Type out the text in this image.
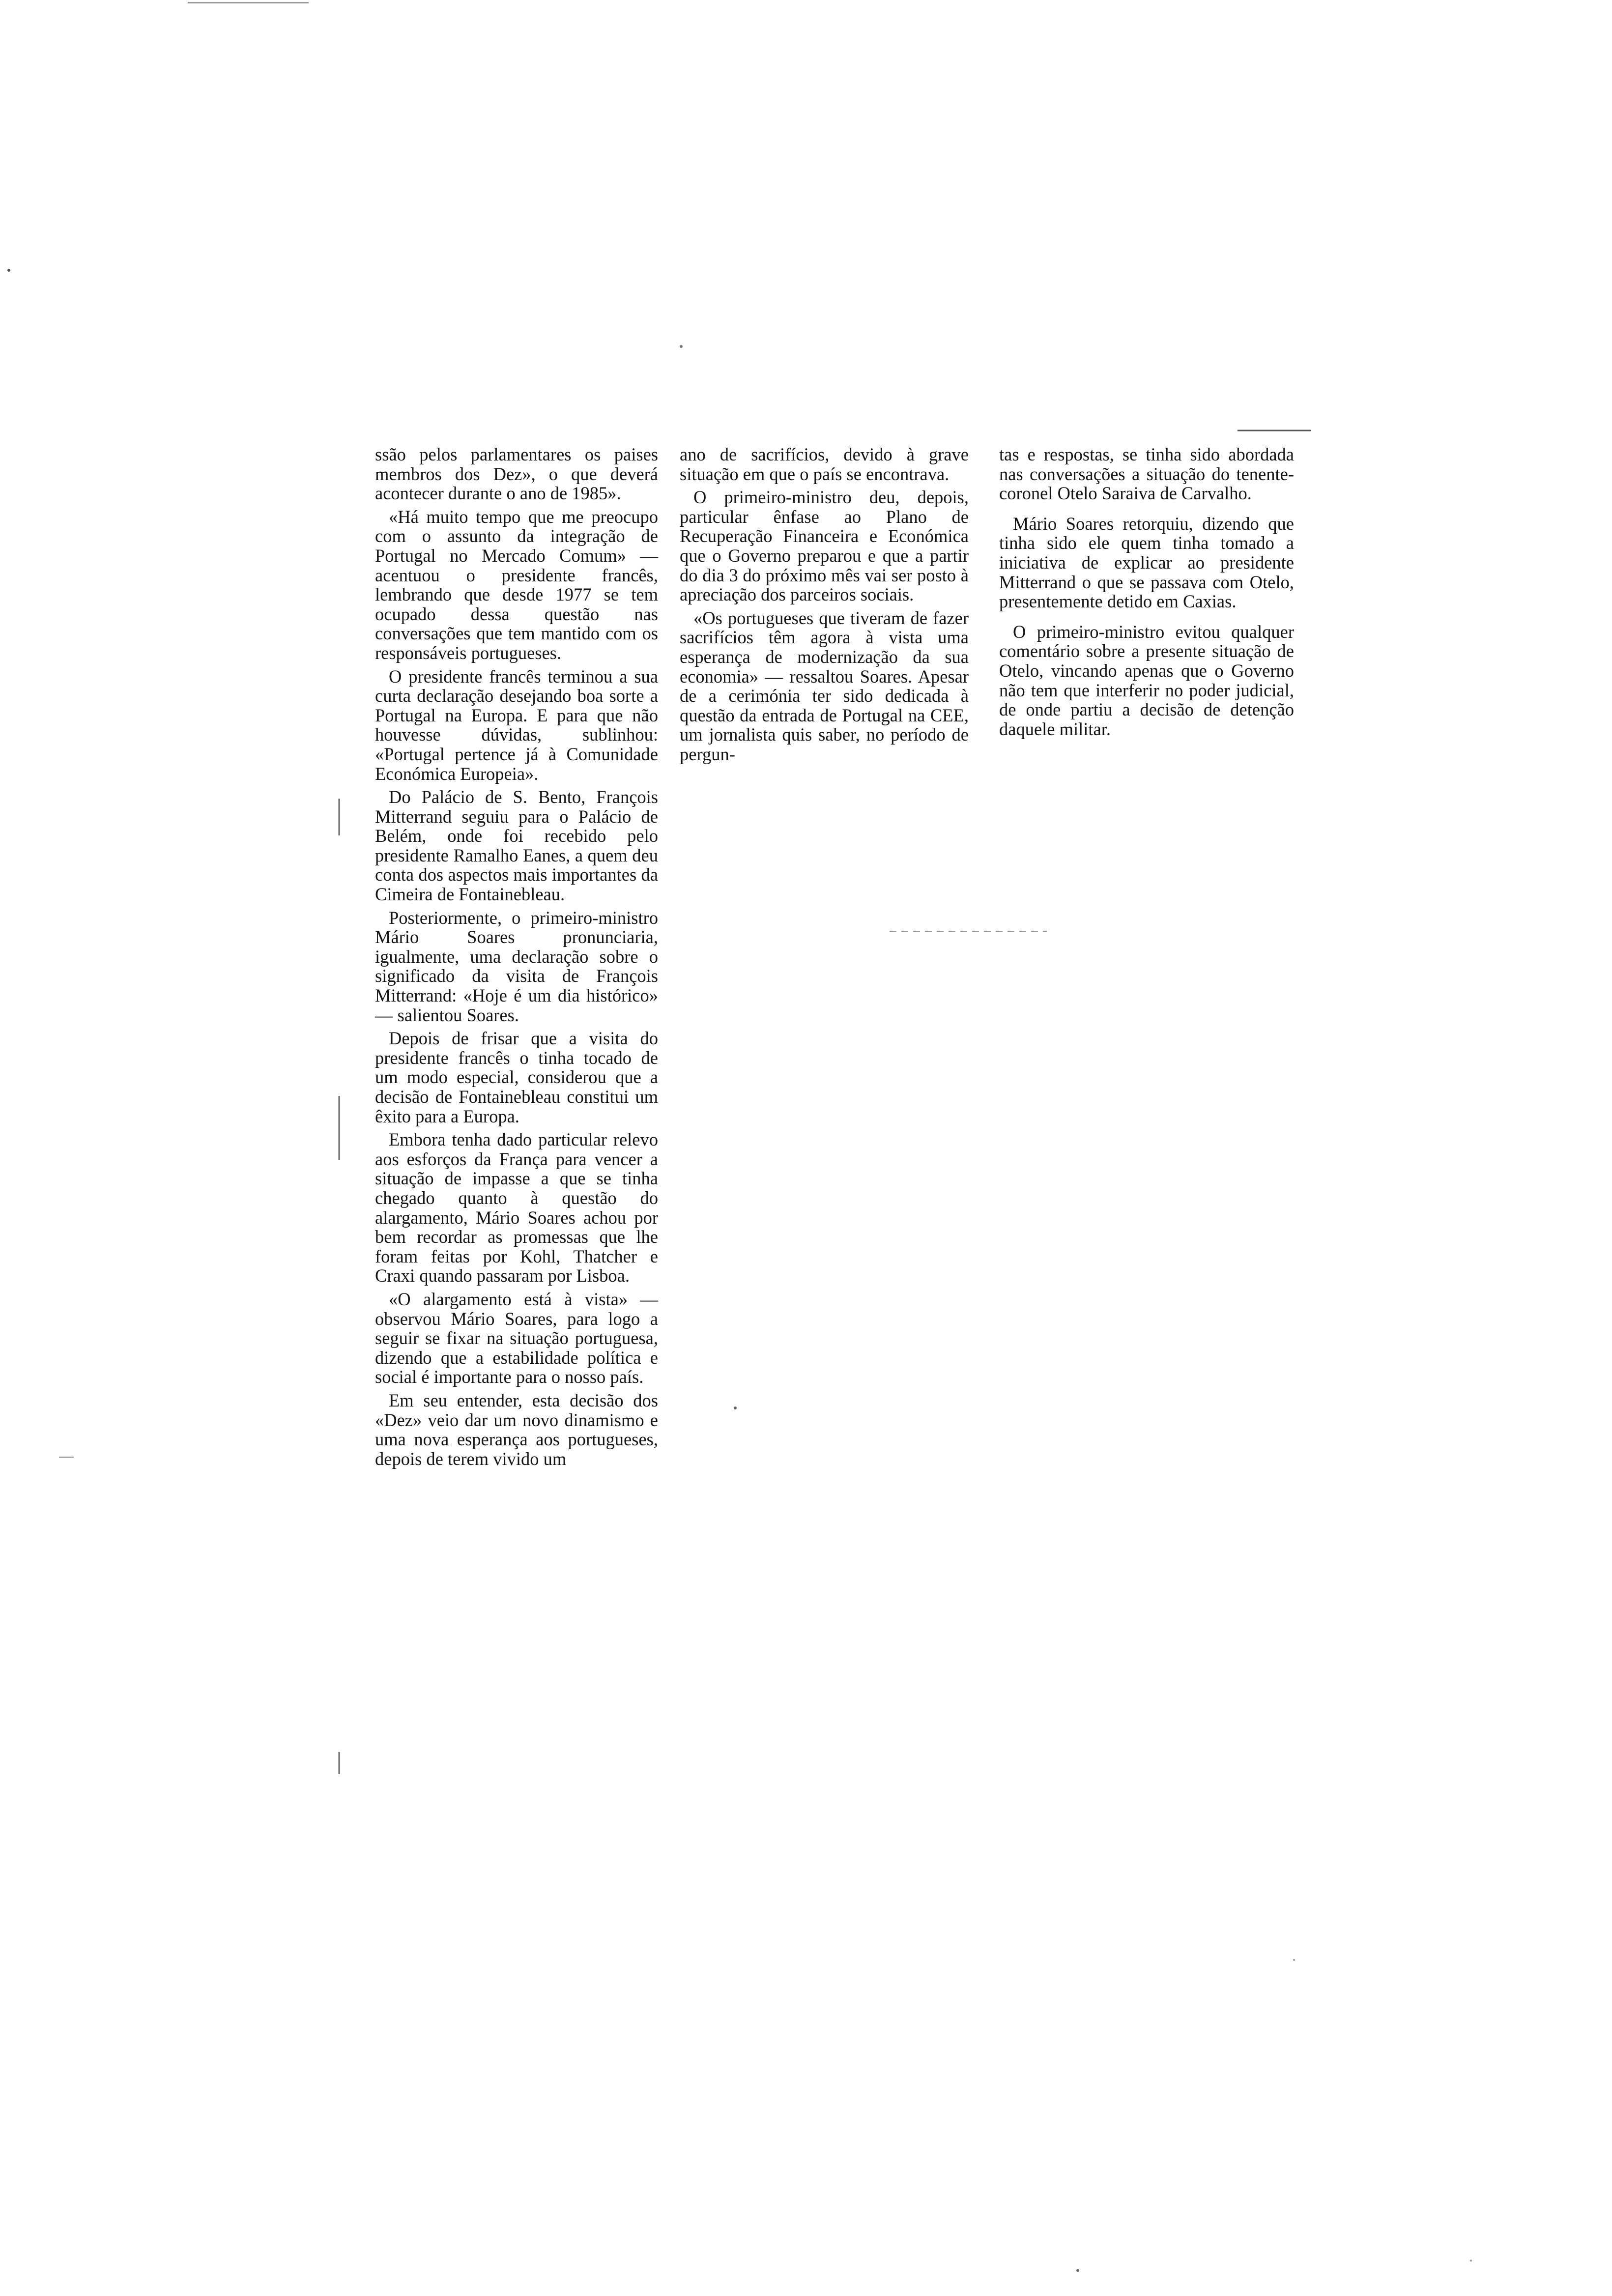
ssão pelos parlamentares os paises membros dos Dez», o que deverá acontecer durante o ano de 1985».

«Há muito tempo que me preocupo com o assunto da integração de Portugal no Mercado Comum» — acentuou o presidente francês, lembrando que desde 1977 se tem ocupado dessa questão nas conversações que tem mantido com os responsáveis portugueses.

O presidente francês terminou a sua curta declaração desejando boa sorte a Portugal na Europa. E para que não houvesse dúvidas, sublinhou: «Portugal pertence já à Comunidade Económica Europeia».

Do Palácio de S. Bento, François Mitterrand seguiu para o Palácio de Belém, onde foi recebido pelo presidente Ramalho Eanes, a quem deu conta dos aspectos mais importantes da Cimeira de Fontainebleau.

Posteriormente, o primeiro-ministro Mário Soares pronunciaria, igualmente, uma declaração sobre o significado da visita de François Mitterrand: «Hoje é um dia histórico» — salientou Soares.

Depois de frisar que a visita do presidente francês o tinha tocado de um modo especial, considerou que a decisão de Fontainebleau constitui um êxito para a Europa.

Embora tenha dado particular relevo aos esforços da França para vencer a situação de impasse a que se tinha chegado quanto à questão do alargamento, Mário Soares achou por bem recordar as promessas que lhe foram feitas por Kohl, Thatcher e Craxi quando passaram por Lisboa.

«O alargamento está à vista» — observou Mário Soares, para logo a seguir se fixar na situação portuguesa, dizendo que a estabilidade política e social é importante para o nosso país.

Em seu entender, esta decisão dos «Dez» veio dar um novo dinamismo e uma nova esperança aos portugueses, depois de terem vivido um

ano de sacrifícios, devido à grave situação em que o país se encontrava.

O primeiro-ministro deu, depois, particular ênfase ao Plano de Recuperação Financeira e Económica que o Governo preparou e que a partir do dia 3 do próximo mês vai ser posto à apreciação dos parceiros sociais.

«Os portugueses que tiveram de fazer sacrifícios têm agora à vista uma esperança de modernização da sua economia» — ressaltou Soares. Apesar de a cerimónia ter sido dedicada à questão da entrada de Portugal na CEE, um jornalista quis saber, no período de pergun-

tas e respostas, se tinha sido abordada nas conversações a situação do tenente-coronel Otelo Saraiva de Carvalho.

Mário Soares retorquiu, dizendo que tinha sido ele quem tinha tomado a iniciativa de explicar ao presidente Mitterrand o que se passava com Otelo, presentemente detido em Caxias.

O primeiro-ministro evitou qualquer comentário sobre a presente situação de Otelo, vincando apenas que o Governo não tem que interferir no poder judicial, de onde partiu a decisão de detenção daquele militar.
